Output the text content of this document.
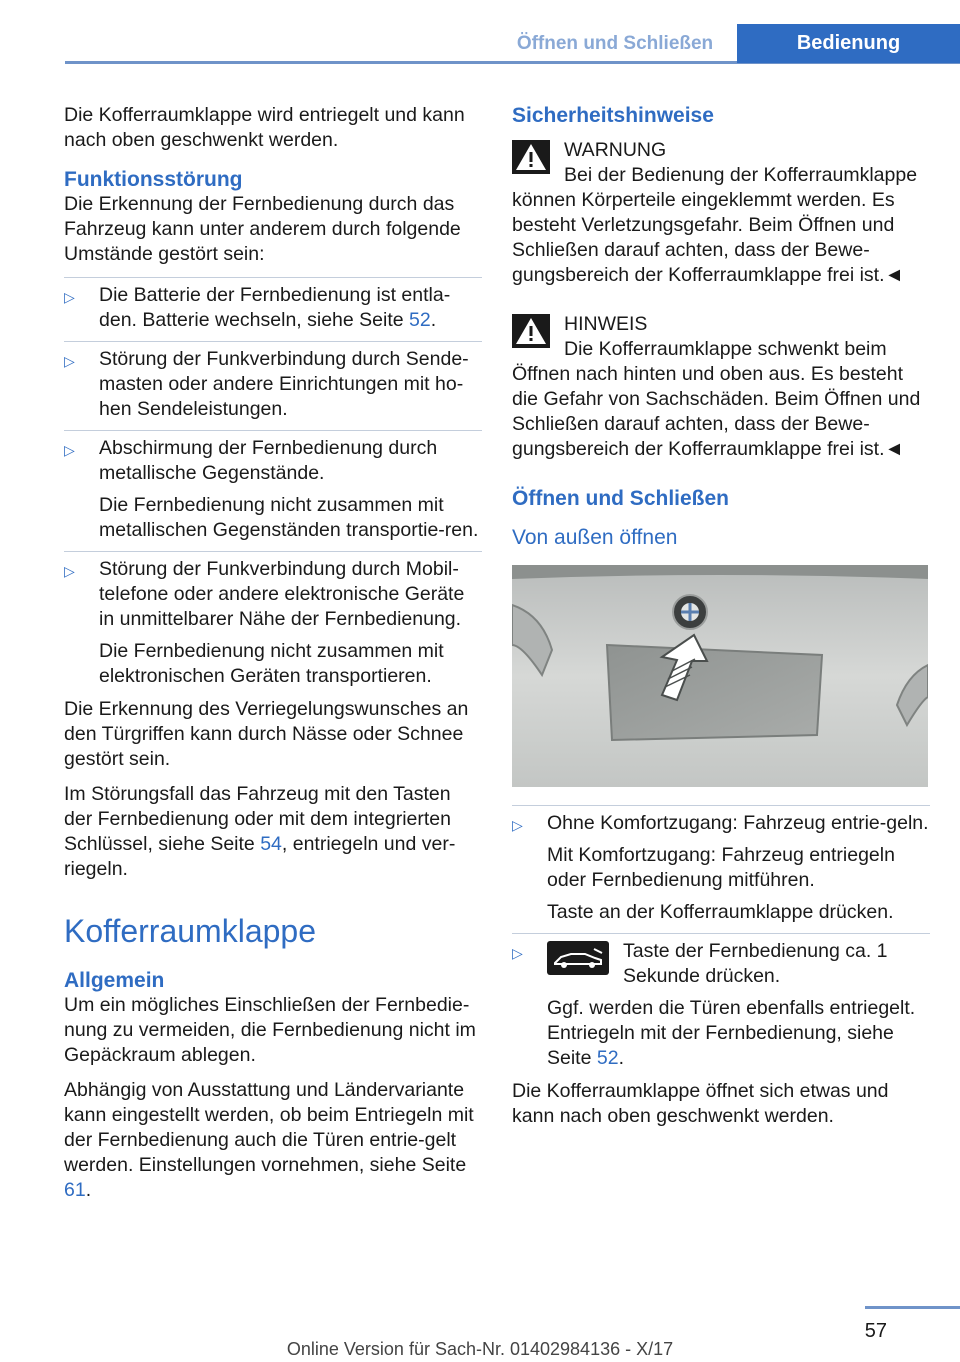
Öffnen und Schließen	Bedienung

Die Kofferraumklappe wird entriegelt und kann nach oben geschwenkt werden.

Funktionsstörung

Die Erkennung der Fernbedienung durch das Fahrzeug kann unter anderem durch folgende Umstände gestört sein:

▷ Die Batterie der Fernbedienung ist entla-den. Batterie wechseln, siehe Seite 52.

▷ Störung der Funkverbindung durch Sende-masten oder andere Einrichtungen mit ho-hen Sendeleistungen.

▷ Abschirmung der Fernbedienung durch metallische Gegenstände.

Die Fernbedienung nicht zusammen mit metallischen Gegenständen transportie-ren.

▷ Störung der Funkverbindung durch Mobil-telefone oder andere elektronische Geräte in unmittelbarer Nähe der Fernbedienung.

Die Fernbedienung nicht zusammen mit elektronischen Geräten transportieren.

Die Erkennung des Verriegelungswunsches an den Türgriffen kann durch Nässe oder Schnee gestört sein.

Im Störungsfall das Fahrzeug mit den Tasten der Fernbedienung oder mit dem integrierten Schlüssel, siehe Seite 54, entriegeln und ver-riegeln.

Kofferraumklappe
Allgemein

Um ein mögliches Einschließen der Fernbedie-nung zu vermeiden, die Fernbedienung nicht im Gepäckraum ablegen.

Abhängig von Ausstattung und Ländervariante kann eingestellt werden, ob beim Entriegeln mit der Fernbedienung auch die Türen entrie-gelt werden. Einstellungen vornehmen, siehe Seite 61.

Sicherheitshinweise
WARNUNG
Bei der Bedienung der Kofferraumklappe können Körperteile eingeklemmt werden. Es besteht Verletzungsgefahr. Beim Öffnen und Schließen darauf achten, dass der Bewe-gungsbereich der Kofferraumklappe frei ist.◄
HINWEIS
Die Kofferraumklappe schwenkt beim Öffnen nach hinten und oben aus. Es besteht die Gefahr von Sachschäden. Beim Öffnen und Schließen darauf achten, dass der Bewe-gungsbereich der Kofferraumklappe frei ist.◄
Öffnen und Schließen
Von außen öffnen
▷ Ohne Komfortzugang: Fahrzeug entrie-geln.

Mit Komfortzugang: Fahrzeug entriegeln oder Fernbedienung mitführen.

Taste an der Kofferraumklappe drücken.

▷	Taste der Fernbedienung ca. 1 Sekunde drücken.

Ggf. werden die Türen ebenfalls entriegelt. Entriegeln mit der Fernbedienung, siehe Seite 52.

Die Kofferraumklappe öffnet sich etwas und kann nach oben geschwenkt werden.

57
Online Version für Sach-Nr. 01402984136 - X/17
